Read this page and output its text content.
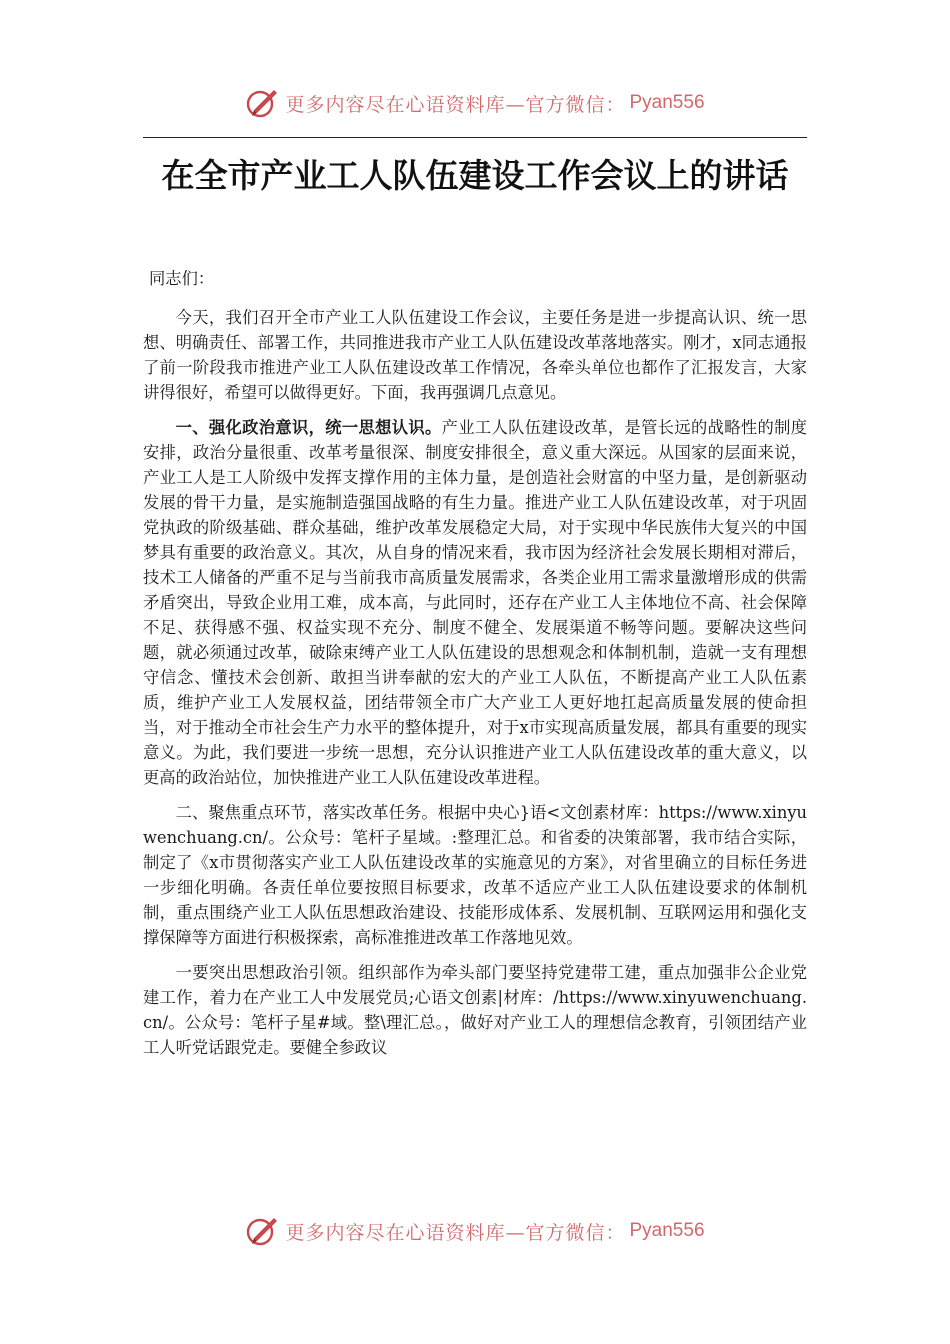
更多内容尽在心语资料库—官方微信： Pyan556
在全市产业工人队伍建设工作会议上的讲话

同志们：

今天，我们召开全市产业工人队伍建设工作会议，主要任务是进一步提高认识、统一思想、明确责任、部署工作，共同推进我市产业工人队伍建设改革落地落实。刚才，x同志通报了前一阶段我市推进产业工人队伍建设改革工作情况，各牵头单位也都作了汇报发言，大家讲得很好，希望可以做得更好。下面，我再强调几点意见。

一、强化政治意识，统一思想认识。产业工人队伍建设改革，是管长远的战略性的制度安排，政治分量很重、改革考量很深、制度安排很全，意义重大深远。从国家的层面来说，产业工人是工人阶级中发挥支撑作用的主体力量，是创造社会财富的中坚力量，是创新驱动发展的骨干力量，是实施制造强国战略的有生力量。推进产业工人队伍建设改革，对于巩固党执政的阶级基础、群众基础，维护改革发展稳定大局，对于实现中华民族伟大复兴的中国梦具有重要的政治意义。其次，从自身的情况来看，我市因为经济社会发展长期相对滞后，技术工人储备的严重不足与当前我市高质量发展需求，各类企业用工需求量激增形成的供需矛盾突出，导致企业用工难，成本高，与此同时，还存在产业工人主体地位不高、社会保障不足、获得感不强、权益实现不充分、制度不健全、发展渠道不畅等问题。要解决这些问题，就必须通过改革，破除束缚产业工人队伍建设的思想观念和体制机制，造就一支有理想守信念、懂技术会创新、敢担当讲奉献的宏大的产业工人队伍，不断提高产业工人队伍素质，维护产业工人发展权益，团结带领全市广大产业工人更好地扛起高质量发展的使命担当，对于推动全市社会生产力水平的整体提升，对于x市实现高质量发展，都具有重要的现实意义。为此，我们要进一步统一思想，充分认识推进产业工人队伍建设改革的重大意义，以更高的政治站位，加快推进产业工人队伍建设改革进程。

二、聚焦重点环节，落实改革任务。根据中央心}语<文创素材库：https://www.xinyuwenchuang.cn/。公众号：笔杆子星域。:整理汇总。和省委的决策部署，我市结合实际，制定了《x市贯彻落实产业工人队伍建设改革的实施意见的方案》，对省里确立的目标任务进一步细化明确。各责任单位要按照目标要求，改革不适应产业工人队伍建设要求的体制机制，重点围绕产业工人队伍思想政治建设、技能形成体系、发展机制、互联网运用和强化支撑保障等方面进行积极探索，高标准推进改革工作落地见效。

一要突出思想政治引领。组织部作为牵头部门要坚持党建带工建，重点加强非公企业党建工作，着力在产业工人中发展党员;心语文创素|材库：/https://www.xinyuwenchuang.cn/。公众号：笔杆子星#域。整\理汇总。，做好对产业工人的理想信念教育，引领团结产业工人听党话跟党走。要健全参政议

更多内容尽在心语资料库—官方微信： Pyan556
